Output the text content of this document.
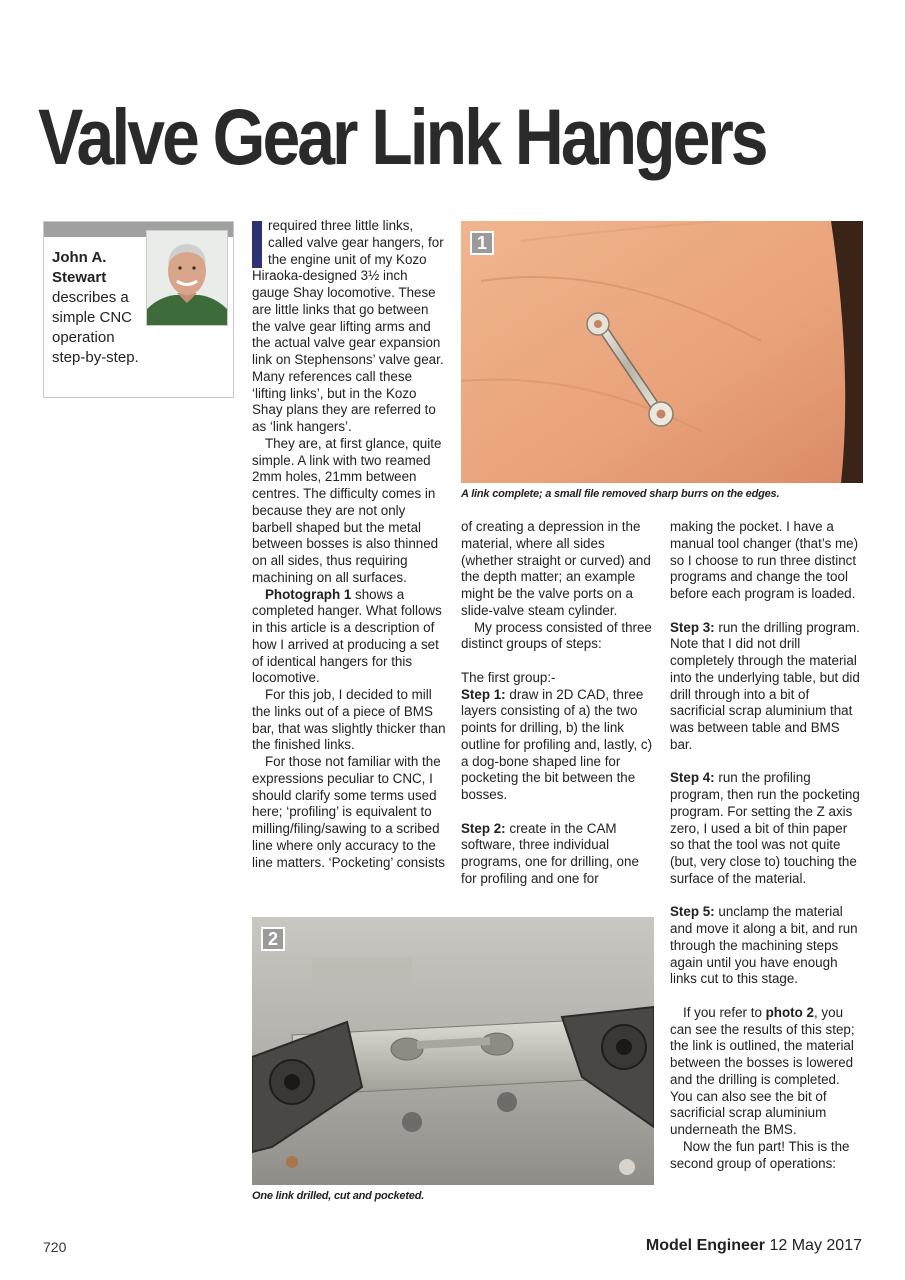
Valve Gear Link Hangers
John A. Stewart
describes a simple CNC operation step-by-step.

required three little links, called valve gear hangers, for the engine unit of my Kozo Hiraoka-designed 3½ inch gauge Shay locomotive. These are little links that go between the valve gear lifting arms and the actual valve gear expansion link on Stephensons’ valve gear. Many references call these ‘lifting links’, but in the Kozo Shay plans they are referred to as ‘link hangers’.

They are, at first glance, quite simple. A link with two reamed 2mm holes, 21mm between centres. The difficulty comes in because they are not only barbell shaped but the metal between bosses is also thinned on all sides, thus requiring machining on all surfaces.

Photograph 1 shows a completed hanger. What follows in this article is a description of how I arrived at producing a set of identical hangers for this locomotive.

For this job, I decided to mill the links out of a piece of BMS bar, that was slightly thicker than the finished links.

For those not familiar with the expressions peculiar to CNC, I should clarify some terms used here; ‘profiling’ is equivalent to milling/filing/sawing to a scribed line where only accuracy to the line matters. ‘Pocketing’ consists

1
A link complete; a small file removed sharp burrs on the edges.

of creating a depression in the material, where all sides (whether straight or curved) and the depth matter; an example might be the valve ports on a slide-valve steam cylinder.

My process consisted of three distinct groups of steps:

The first group:-

Step 1: draw in 2D CAD, three layers consisting of a) the two points for drilling, b) the link outline for profiling and, lastly, c) a dog-bone shaped line for pocketing the bit between the bosses.

Step 2: create in the CAM software, three individual programs, one for drilling, one for profiling and one for

making the pocket. I have a manual tool changer (that’s me) so I choose to run three distinct programs and change the tool before each program is loaded.

Step 3: run the drilling program. Note that I did not drill completely through the material into the underlying table, but did drill through into a bit of sacrificial scrap aluminium that was between table and BMS bar.

Step 4: run the profiling program, then run the pocketing program. For setting the Z axis zero, I used a bit of thin paper so that the tool was not quite (but, very close to) touching the surface of the material.

Step 5: unclamp the material and move it along a bit, and run through the machining steps again until you have enough links cut to this stage.

If you refer to photo 2, you can see the results of this step; the link is outlined, the material between the bosses is lowered and the drilling is completed. You can also see the bit of sacrificial scrap aluminium underneath the BMS.

Now the fun part! This is the second group of operations:

2
One link drilled, cut and pocketed.
720	Model Engineer 12 May 2017
